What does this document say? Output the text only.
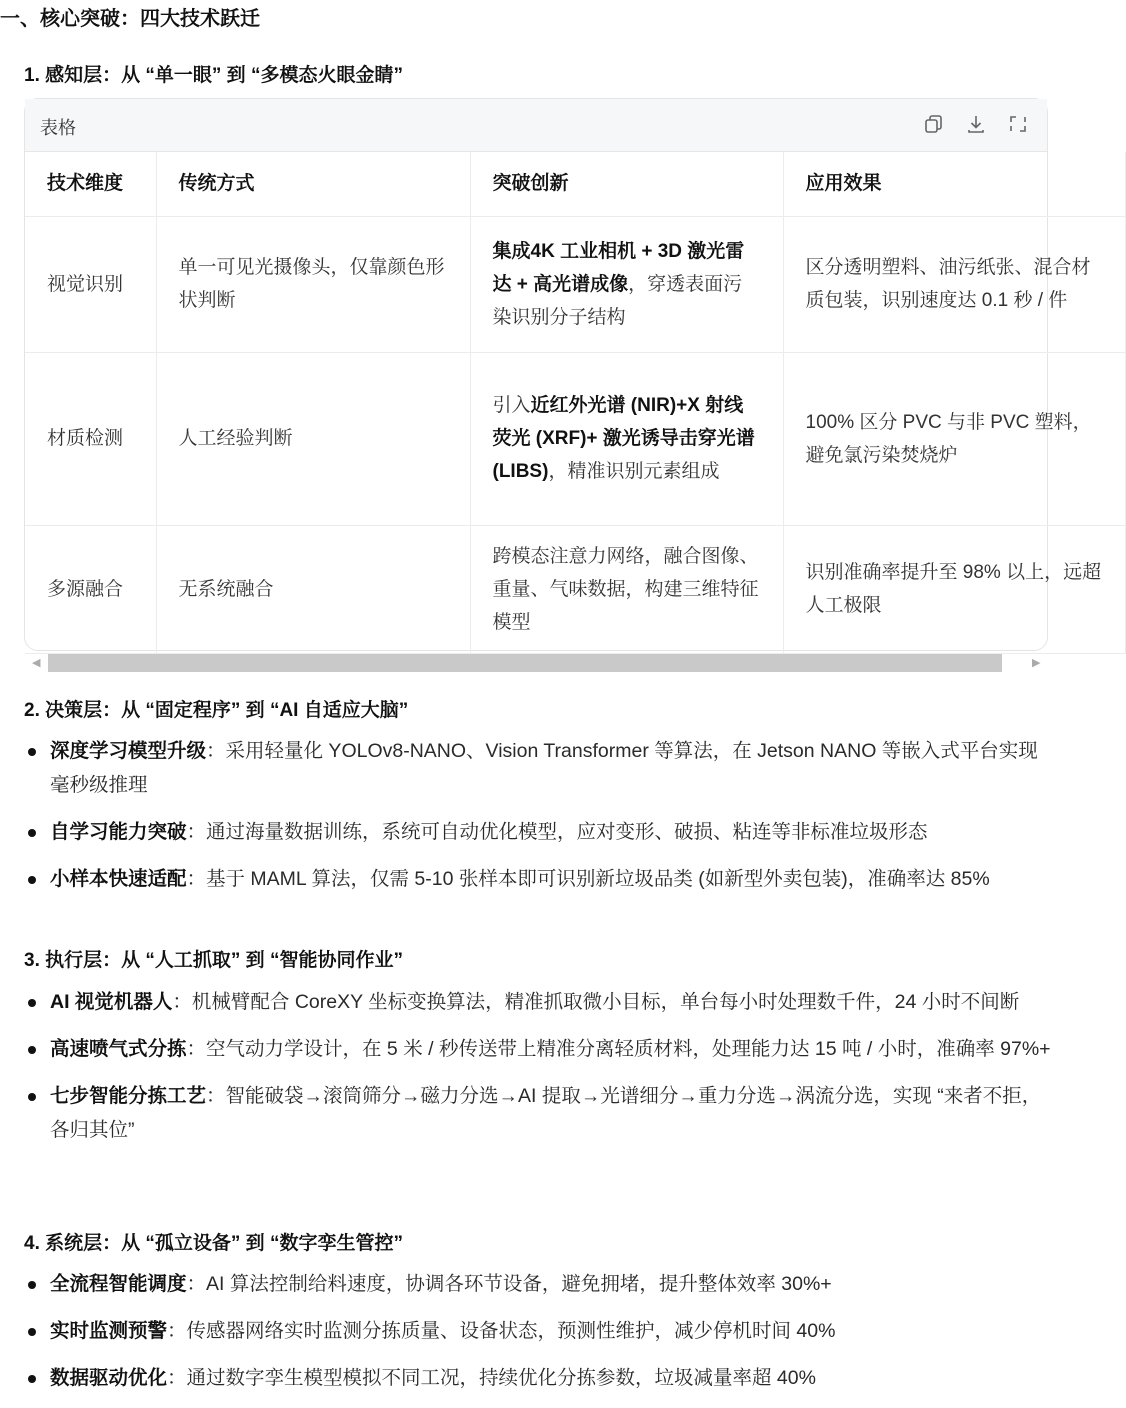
一、核心突破：四大技术跃迁
1. 感知层：从 “单一眼” 到 “多模态火眼金睛”
表格
技术维度	传统方式	突破创新	应用效果
视觉识别	单一可见光摄像头，仅靠颜色形状判断	集成4K 工业相机 + 3D 激光雷达 + 高光谱成像，穿透表面污染识别分子结构	区分透明塑料、油污纸张、混合材质包装，识别速度达 0.1 秒 / 件
材质检测	人工经验判断	引入近红外光谱 (NIR)+X 射线荧光 (XRF)+ 激光诱导击穿光谱 (LIBS)，精准识别元素组成	100% 区分 PVC 与非 PVC 塑料，避免氯污染焚烧炉
多源融合	无系统融合	跨模态注意力网络，融合图像、重量、气味数据，构建三维特征模型	识别准确率提升至 98% 以上，远超人工极限
◀	▶
2. 决策层：从 “固定程序” 到 “AI 自适应大脑”
深度学习模型升级：采用轻量化 YOLOv8-NANO、Vision Transformer 等算法，在 Jetson NANO 等嵌入式平台实现毫秒级推理
自学习能力突破：通过海量数据训练，系统可自动优化模型，应对变形、破损、粘连等非标准垃圾形态
小样本快速适配：基于 MAML 算法，仅需 5-10 张样本即可识别新垃圾品类 (如新型外卖包装)，准确率达 85%
3. 执行层：从 “人工抓取” 到 “智能协同作业”
AI 视觉机器人：机械臂配合 CoreXY 坐标变换算法，精准抓取微小目标，单台每小时处理数千件，24 小时不间断
高速喷气式分拣：空气动力学设计，在 5 米 / 秒传送带上精准分离轻质材料，处理能力达 15 吨 / 小时，准确率 97%+
七步智能分拣工艺：智能破袋→滚筒筛分→磁力分选→AI 提取→光谱细分→重力分选→涡流分选，实现 “来者不拒，各归其位”
4. 系统层：从 “孤立设备” 到 “数字孪生管控”
全流程智能调度：AI 算法控制给料速度，协调各环节设备，避免拥堵，提升整体效率 30%+
实时监测预警：传感器网络实时监测分拣质量、设备状态，预测性维护，减少停机时间 40%
数据驱动优化：通过数字孪生模型模拟不同工况，持续优化分拣参数，垃圾减量率超 40%
